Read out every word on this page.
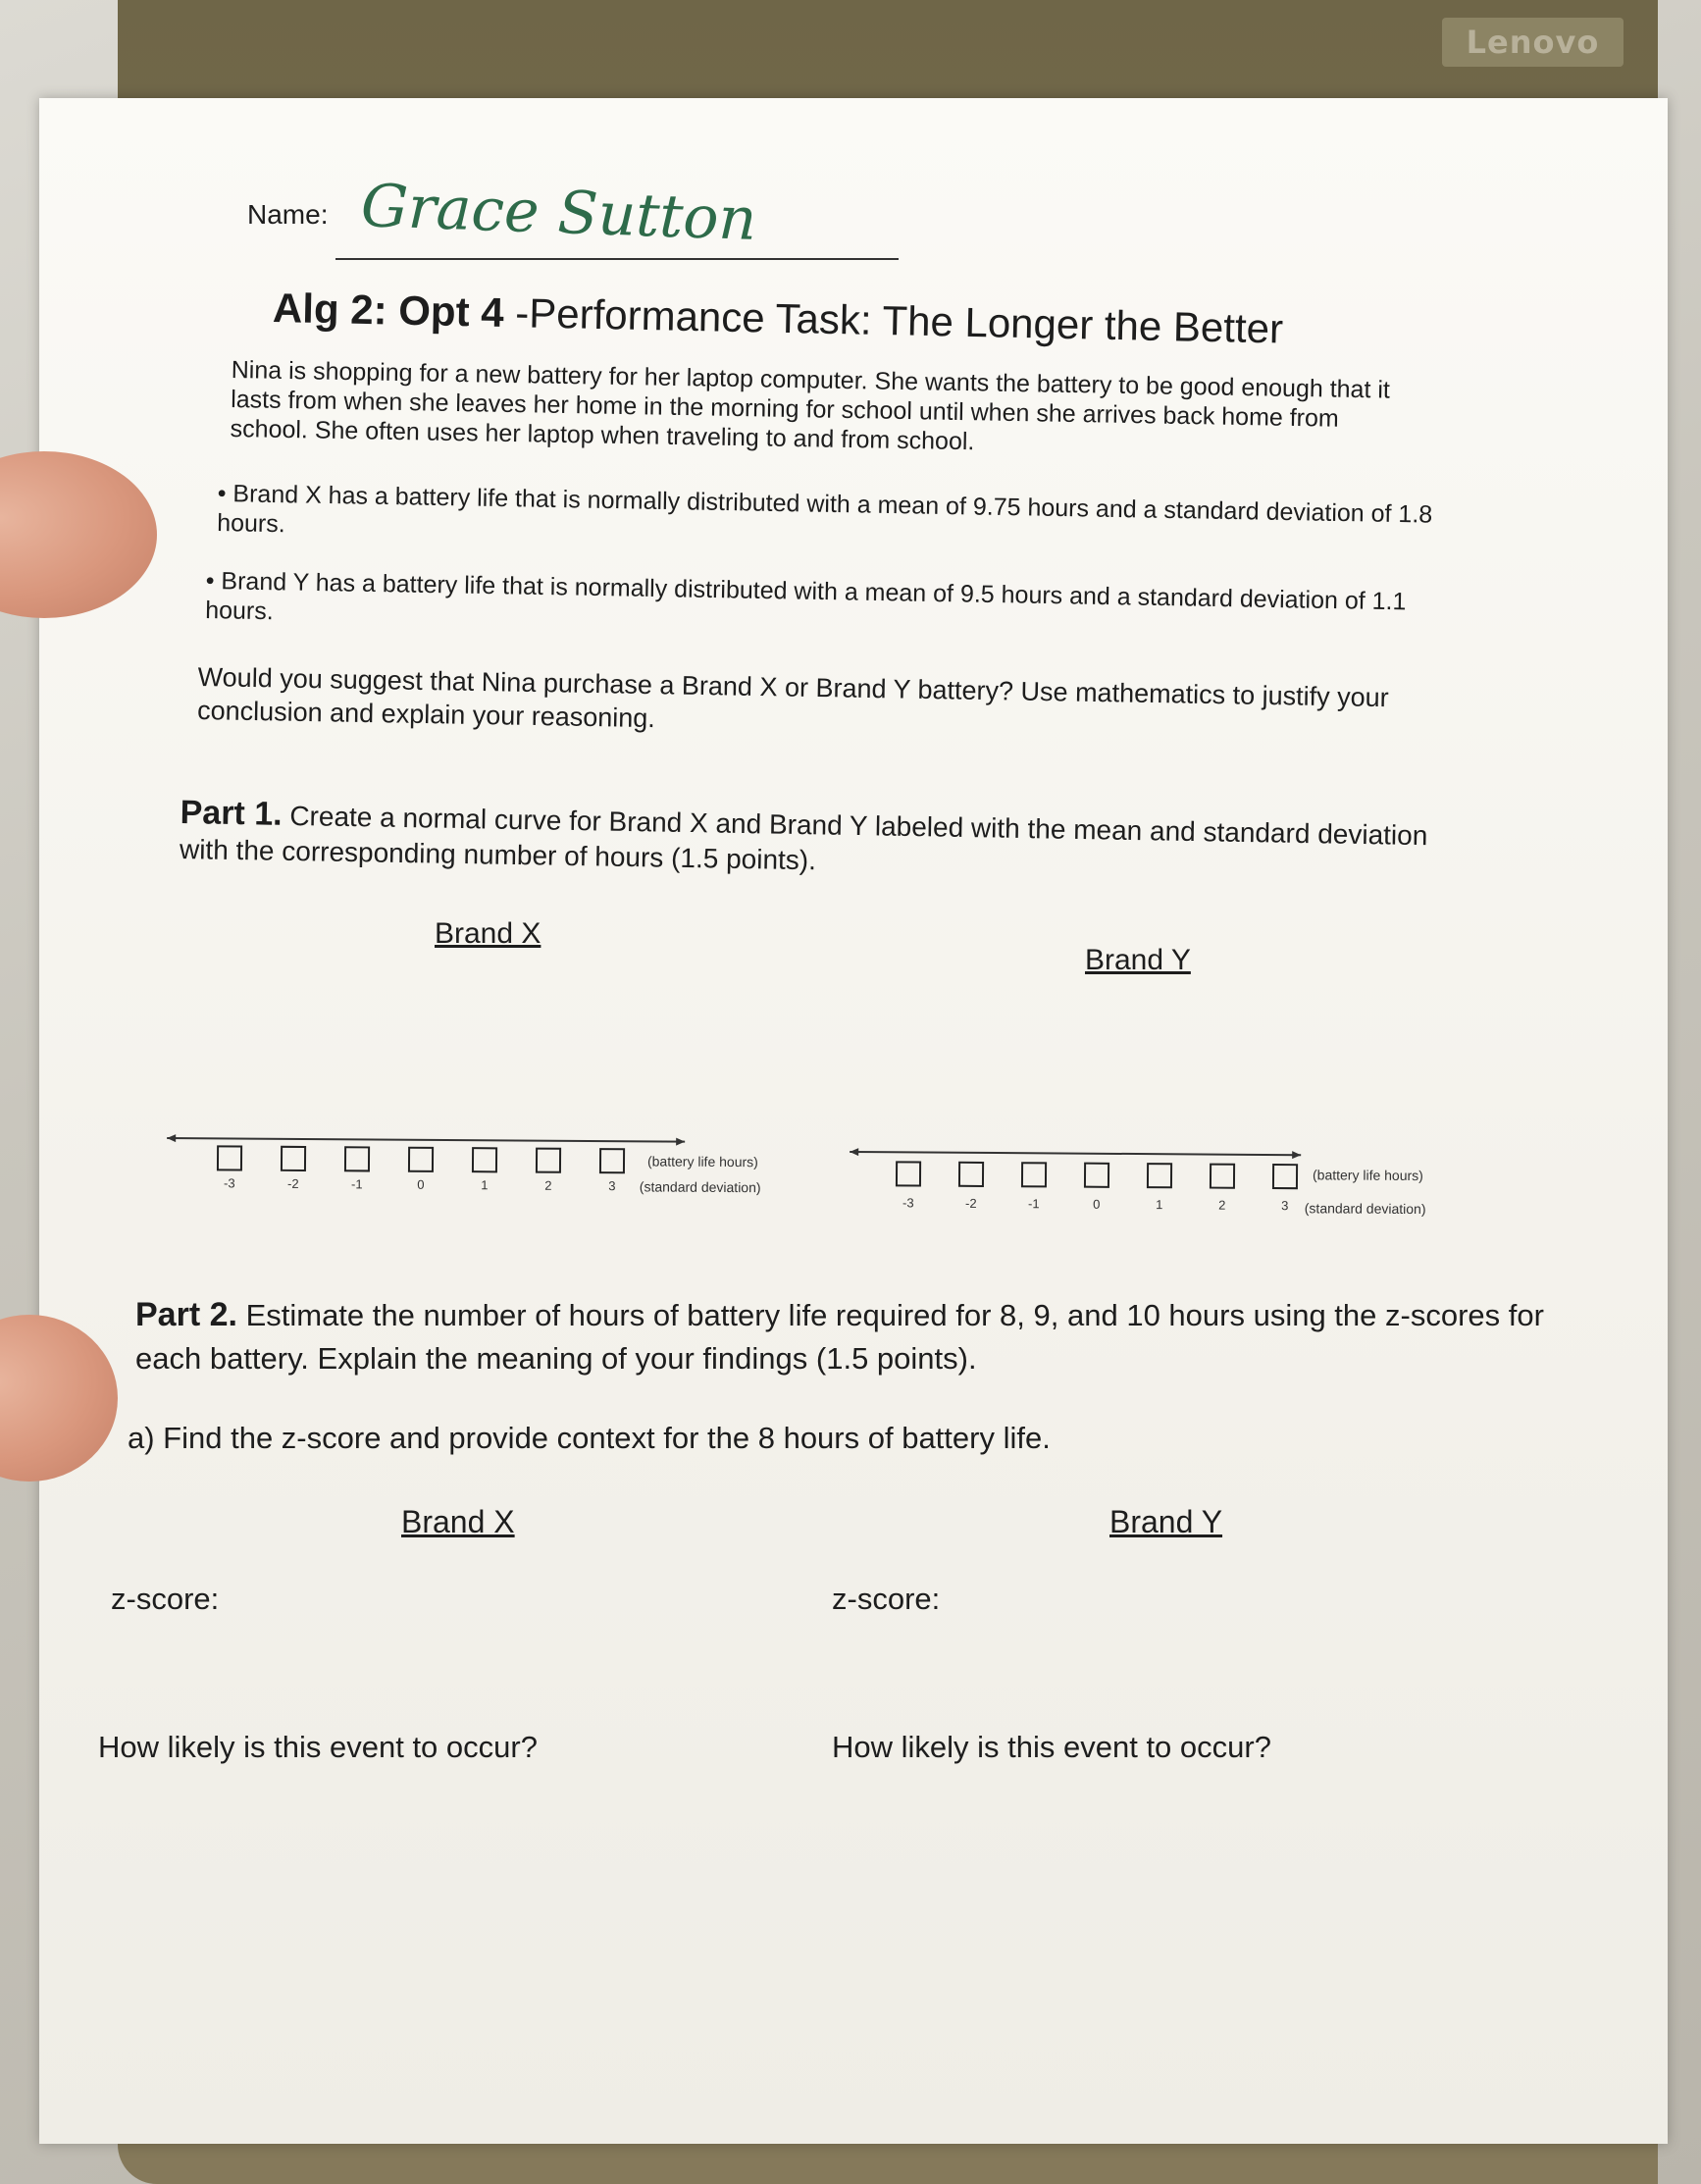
Lenovo
Name: Grace Sutton
Alg 2: Opt 4 -Performance Task: The Longer the Better
Nina is shopping for a new battery for her laptop computer. She wants the battery to be good enough that it lasts from when she leaves her home in the morning for school until when she arrives back home from school. She often uses her laptop when traveling to and from school.
• Brand X has a battery life that is normally distributed with a mean of 9.75 hours and a standard deviation of 1.8 hours.
• Brand Y has a battery life that is normally distributed with a mean of 9.5 hours and a standard deviation of 1.1 hours.
Would you suggest that Nina purchase a Brand X or Brand Y battery? Use mathematics to justify your conclusion and explain your reasoning.
Part 1. Create a normal curve for Brand X and Brand Y labeled with the mean and standard deviation with the corresponding number of hours (1.5 points).
Brand X
Brand Y
-3	-2	-1	0	1	2	3
(battery life hours)
(standard deviation)
-3	-2	-1	0	1	2	3
(battery life hours)
(standard deviation)
Part 2. Estimate the number of hours of battery life required for 8, 9, and 10 hours using the z-scores for each battery. Explain the meaning of your findings (1.5 points).
a) Find the z-score and provide context for the 8 hours of battery life.
Brand X	Brand Y
z-score:	z-score:
How likely is this event to occur?	How likely is this event to occur?
